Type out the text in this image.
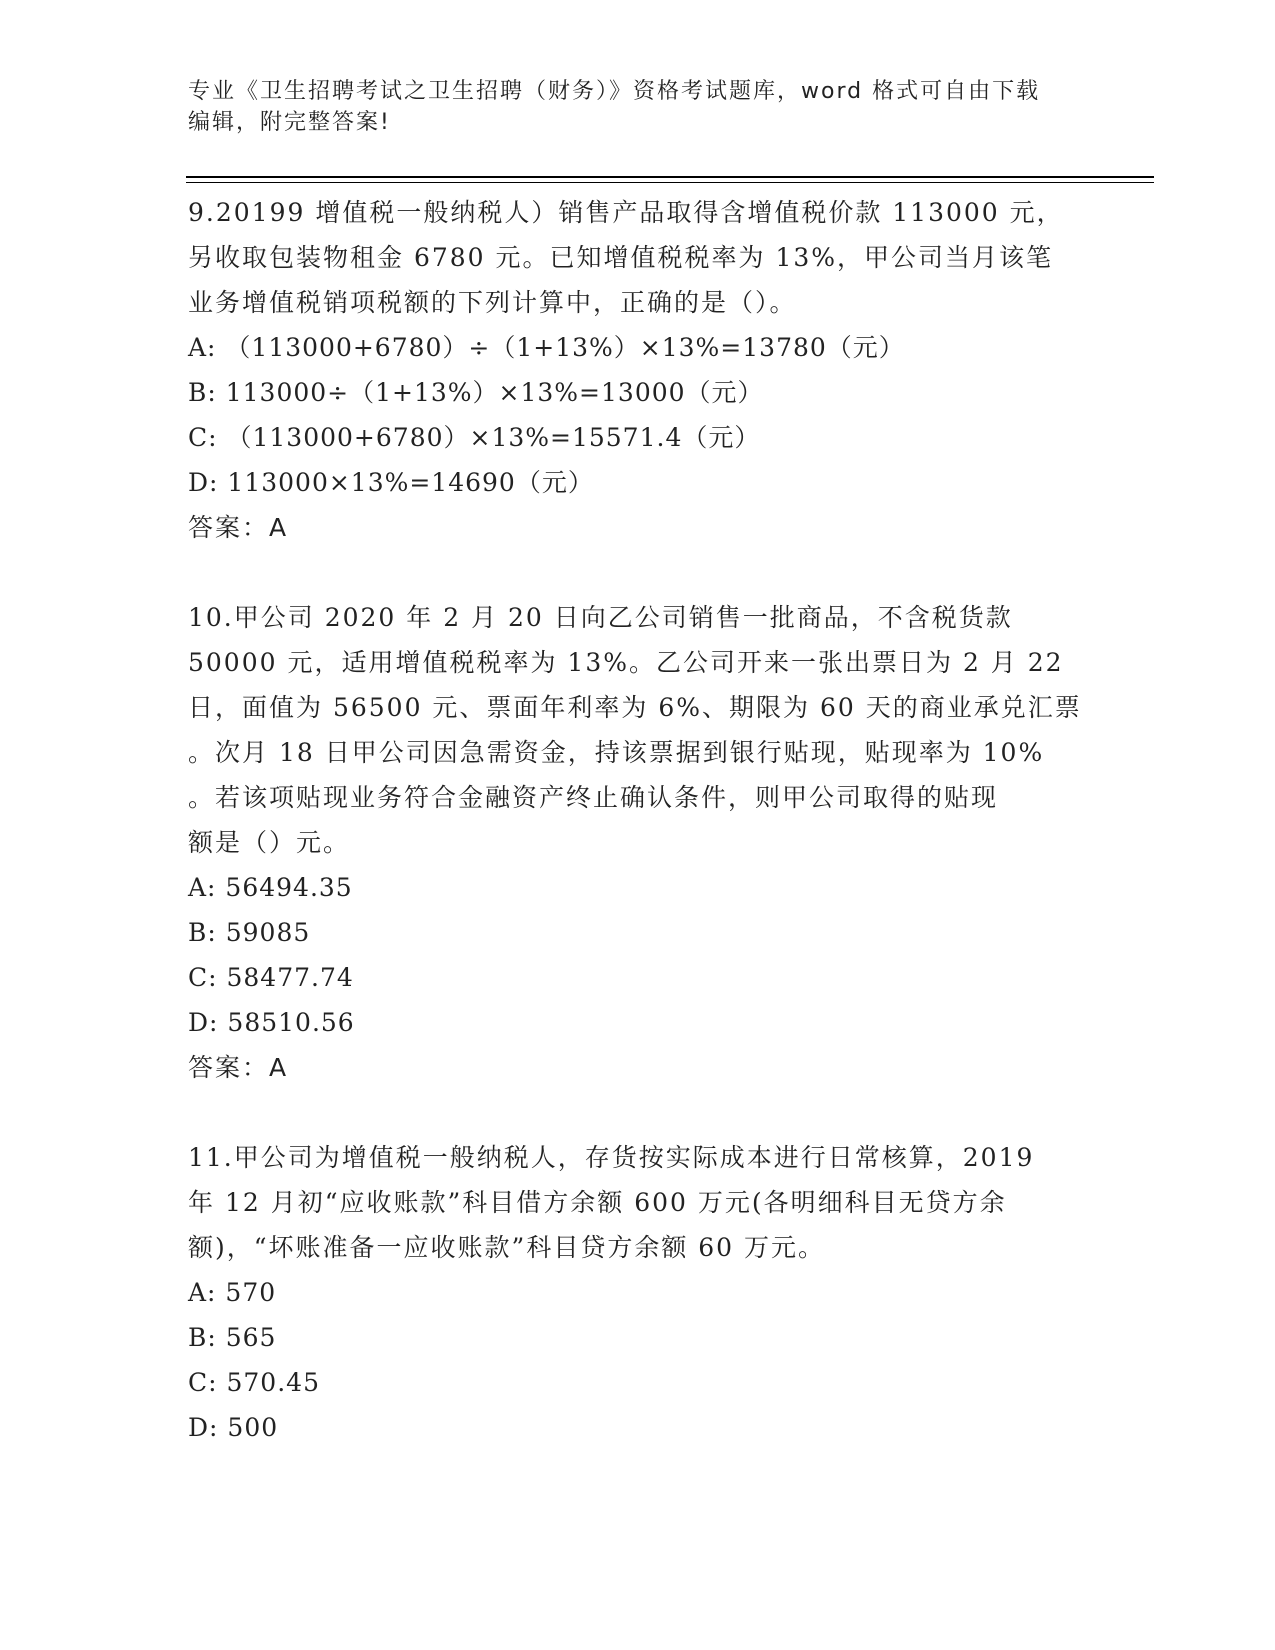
专业《卫生招聘考试之卫生招聘（财务）》资格考试题库，word 格式可自由下载
编辑，附完整答案!

9.20199 增值税一般纳税人）销售产品取得含增值税价款 113000 元，

另收取包装物租金 6780 元。已知增值税税率为 13%，甲公司当月该笔

业务增值税销项税额的下列计算中，正确的是（）。

A: （113000+6780）÷（1+13%）×13%=13780（元）

B: 113000÷（1+13%）×13%=13000（元）

C: （113000+6780）×13%=15571.4（元）

D: 113000×13%=14690（元）

答案：A

10.甲公司 2020 年 2 月 20 日向乙公司销售一批商品，不含税货款

50000 元，适用增值税税率为 13%。乙公司开来一张出票日为 2 月 22

日，面值为 56500 元、票面年利率为 6%、期限为 60 天的商业承兑汇票

。次月 18 日甲公司因急需资金，持该票据到银行贴现，贴现率为 10%

。若该项贴现业务符合金融资产终止确认条件，则甲公司取得的贴现

额是（）元。

A: 56494.35

B: 59085

C: 58477.74

D: 58510.56

答案：A

11.甲公司为增值税一般纳税人，存货按实际成本进行日常核算，2019

年 12 月初“应收账款”科目借方余额 600 万元(各明细科目无贷方余

额)，“坏账准备一应收账款”科目贷方余额 60 万元。

A: 570

B: 565

C: 570.45

D: 500
